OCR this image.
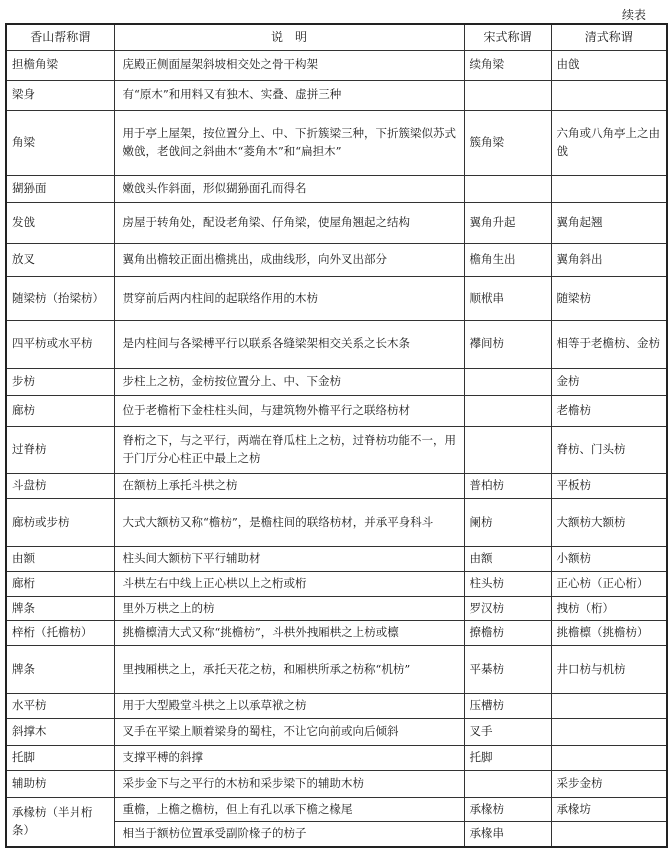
续表
香山帮称谓	说　明	宋式称谓	清式称谓
担檐角梁	庑殿正侧面屋架斜坡相交处之骨干构架	续角梁	由戗
梁身	有“原木”和用料又有独木、实叠、虚拼三种		
角梁	用于亭上屋架，按位置分上、中、下折簇梁三种，下折簇梁似苏式嫩戗，老戗间之斜曲木“菱角木”和“扁担木”	簇角梁	六角或八角亭上之由戗
猢狲面	嫩戗头作斜面，形似猢狲面孔而得名		
发戗	房屋于转角处，配设老角梁、仔角梁，使屋角翘起之结构	翼角升起	翼角起翘
放叉	翼角出檐较正面出檐挑出，成曲线形，向外叉出部分	檐角生出	翼角斜出
随梁枋（抬梁枋）	贯穿前后两内柱间的起联络作用的木枋	顺栿串	随梁枋
四平枋或水平枋	是内柱间与各梁榑平行以联系各缝梁架相交关系之长木条	襻间枋	相等于老檐枋、金枋
步枋	步柱上之枋，金枋按位置分上、中、下金枋		金枋
廊枋	位于老檐桁下金柱柱头间，与建筑物外檐平行之联络枋材		老檐枋
过脊枋	脊桁之下，与之平行，两端在脊瓜柱上之枋，过脊枋功能不一，用于门厅分心柱正中最上之枋		脊枋、门头枋
斗盘枋	在额枋上承托斗栱之枋	普柏枋	平板枋
廊枋或步枋	大式大额枋又称“檐枋”，是檐柱间的联络枋材，并承平身科斗	阑枋	大额枋大额枋
由额	柱头间大额枋下平行辅助材	由额	小额枋
廊桁	斗栱左右中线上正心栱以上之桁或桁	柱头枋	正心枋（正心桁）
牌条	里外万栱之上的枋	罗汉枋	拽枋（桁）
梓桁（托檐枋）	挑檐檩清大式又称“挑檐枋”，斗栱外拽厢栱之上枋或檩	撩檐枋	挑檐檩（挑檐枋）
牌条	里拽厢栱之上，承托天花之枋，和厢栱所承之枋称“机枋”	平棊枋	井口枋与机枋
水平枋	用于大型殿堂斗栱之上以承草袱之枋	压槽枋	
斜撑木	叉手在平梁上顺着梁身的蜀柱，不让它向前或向后倾斜	叉手	
托脚	支撑平榑的斜撑	托脚	
辅助枋	采步金下与之平行的木枋和采步梁下的辅助木枋		采步金枋
承椽枋（半爿桁条）	重檐，上檐之檐枋，但上有孔以承下檐之椽尾	承椽枋	承椽坊
	相当于额枋位置承受副阶椽子的枋子	承椽串	
